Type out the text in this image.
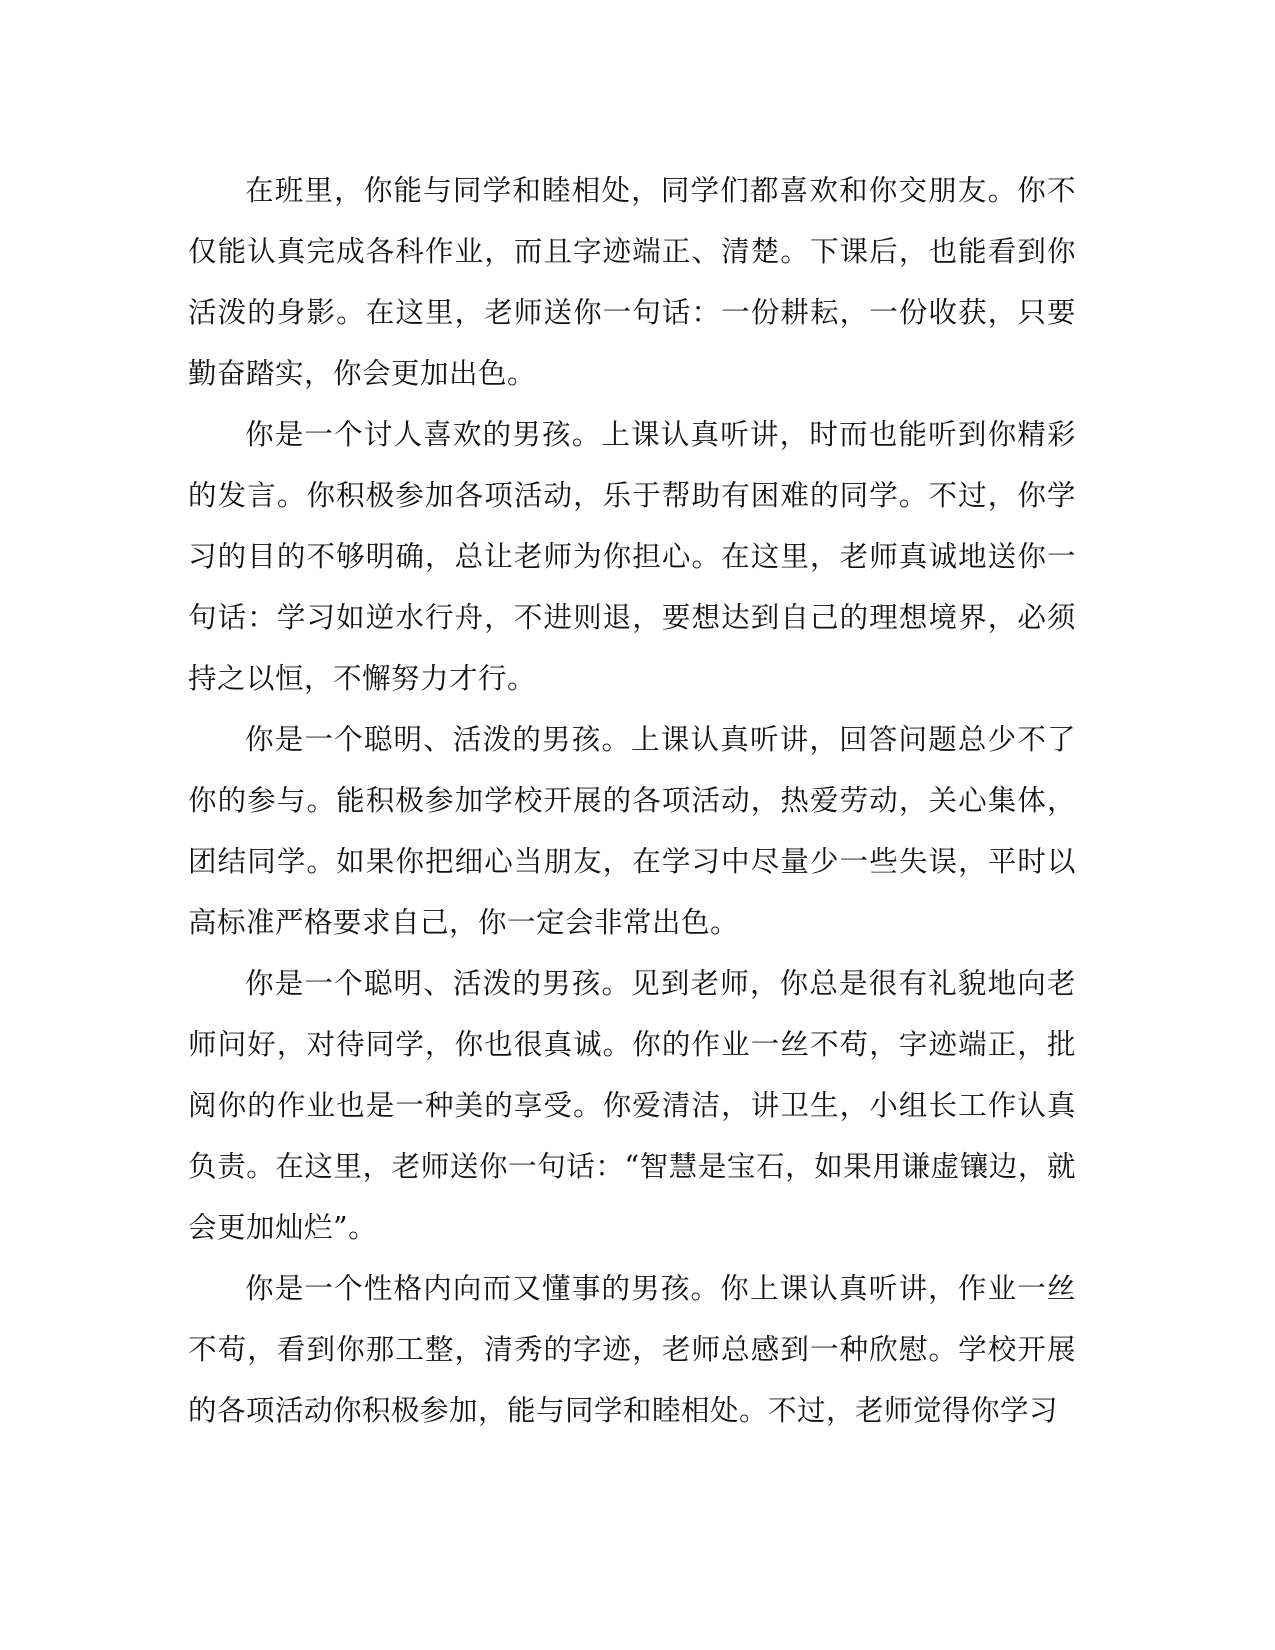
在班里，你能与同学和睦相处，同学们都喜欢和你交朋友。你不仅能认真完成各科作业，而且字迹端正、清楚。下课后，也能看到你活泼的身影。在这里，老师送你一句话：一份耕耘，一份收获，只要勤奋踏实，你会更加出色。

你是一个讨人喜欢的男孩。上课认真听讲，时而也能听到你精彩的发言。你积极参加各项活动，乐于帮助有困难的同学。不过，你学习的目的不够明确，总让老师为你担心。在这里，老师真诚地送你一句话：学习如逆水行舟，不进则退，要想达到自己的理想境界，必须持之以恒，不懈努力才行。

你是一个聪明、活泼的男孩。上课认真听讲，回答问题总少不了你的参与。能积极参加学校开展的各项活动，热爱劳动，关心集体，团结同学。如果你把细心当朋友，在学习中尽量少一些失误，平时以高标准严格要求自己，你一定会非常出色。

你是一个聪明、活泼的男孩。见到老师，你总是很有礼貌地向老师问好，对待同学，你也很真诚。你的作业一丝不苟，字迹端正，批阅你的作业也是一种美的享受。你爱清洁，讲卫生，小组长工作认真负责。在这里，老师送你一句话：“智慧是宝石，如果用谦虚镶边，就会更加灿烂”。

你是一个性格内向而又懂事的男孩。你上课认真听讲，作业一丝不苟，看到你那工整，清秀的字迹，老师总感到一种欣慰。学校开展的各项活动你积极参加，能与同学和睦相处。不过，老师觉得你学习
